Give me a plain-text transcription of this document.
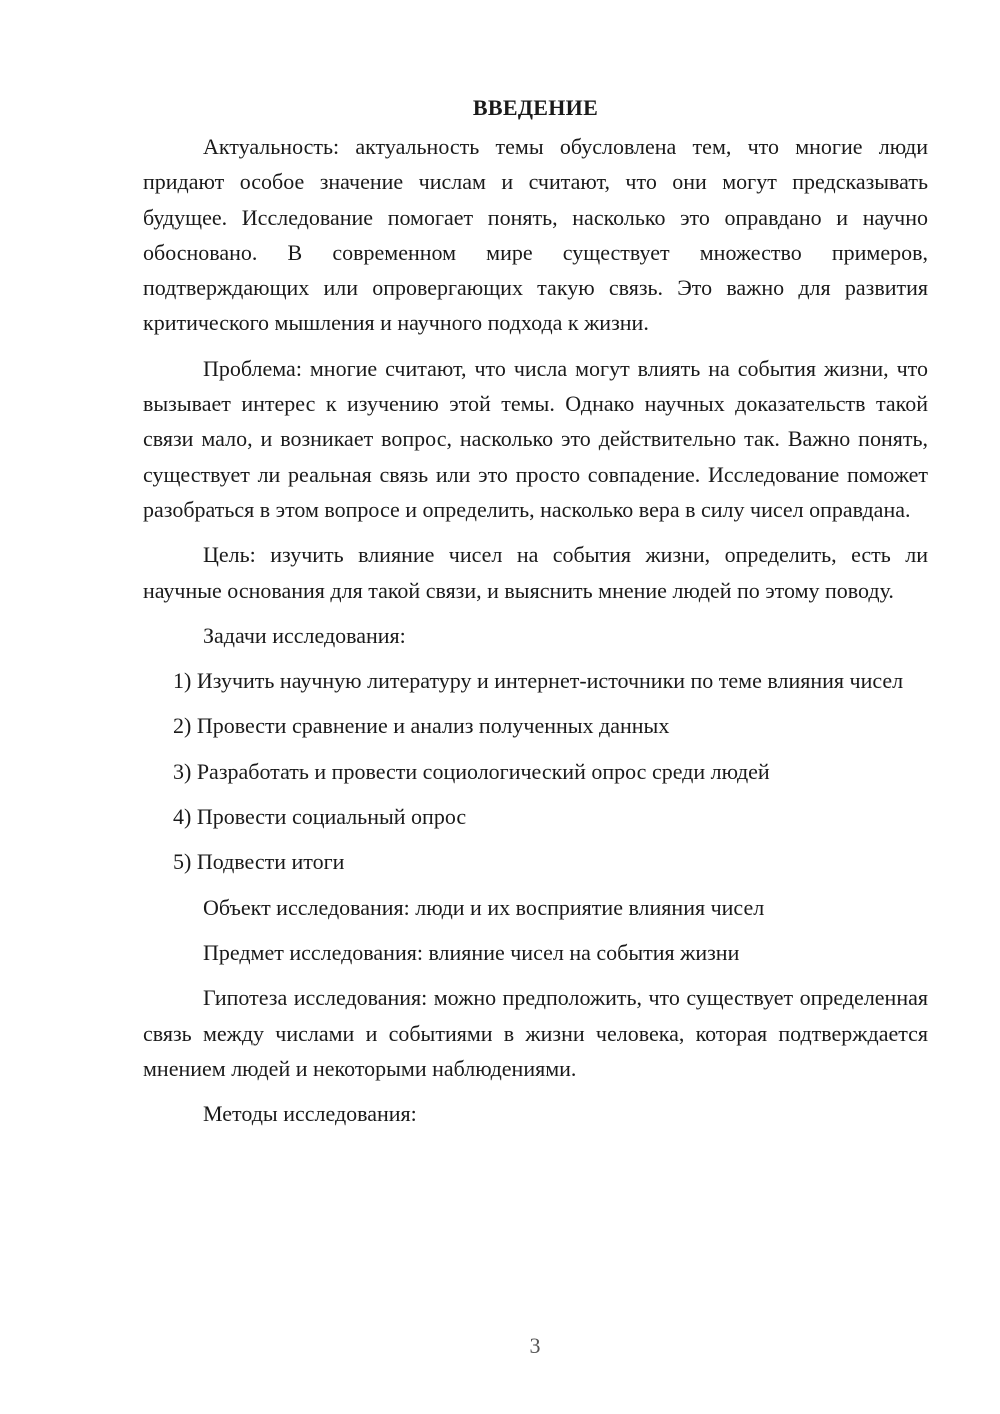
ВВЕДЕНИЕ

Актуальность: актуальность темы обусловлена тем, что многие люди придают особое значение числам и считают, что они могут предсказывать будущее. Исследование помогает понять, насколько это оправдано и научно обосновано. В современном мире существует множество примеров, подтверждающих или опровергающих такую связь. Это важно для развития критического мышления и научного подхода к жизни.

Проблема: многие считают, что числа могут влиять на события жизни, что вызывает интерес к изучению этой темы. Однако научных доказательств такой связи мало, и возникает вопрос, насколько это действительно так. Важно понять, существует ли реальная связь или это просто совпадение. Исследование поможет разобраться в этом вопросе и определить, насколько вера в силу чисел оправдана.

Цель: изучить влияние чисел на события жизни, определить, есть ли научные основания для такой связи, и выяснить мнение людей по этому поводу.

Задачи исследования:

1) Изучить научную литературу и интернет-источники по теме влияния чисел

2) Провести сравнение и анализ полученных данных

3) Разработать и провести социологический опрос среди людей

4) Провести социальный опрос

5) Подвести итоги

Объект исследования: люди и их восприятие влияния чисел

Предмет исследования: влияние чисел на события жизни

Гипотеза исследования: можно предположить, что существует определенная связь между числами и событиями в жизни человека, которая подтверждается мнением людей и некоторыми наблюдениями.

Методы исследования:

3
